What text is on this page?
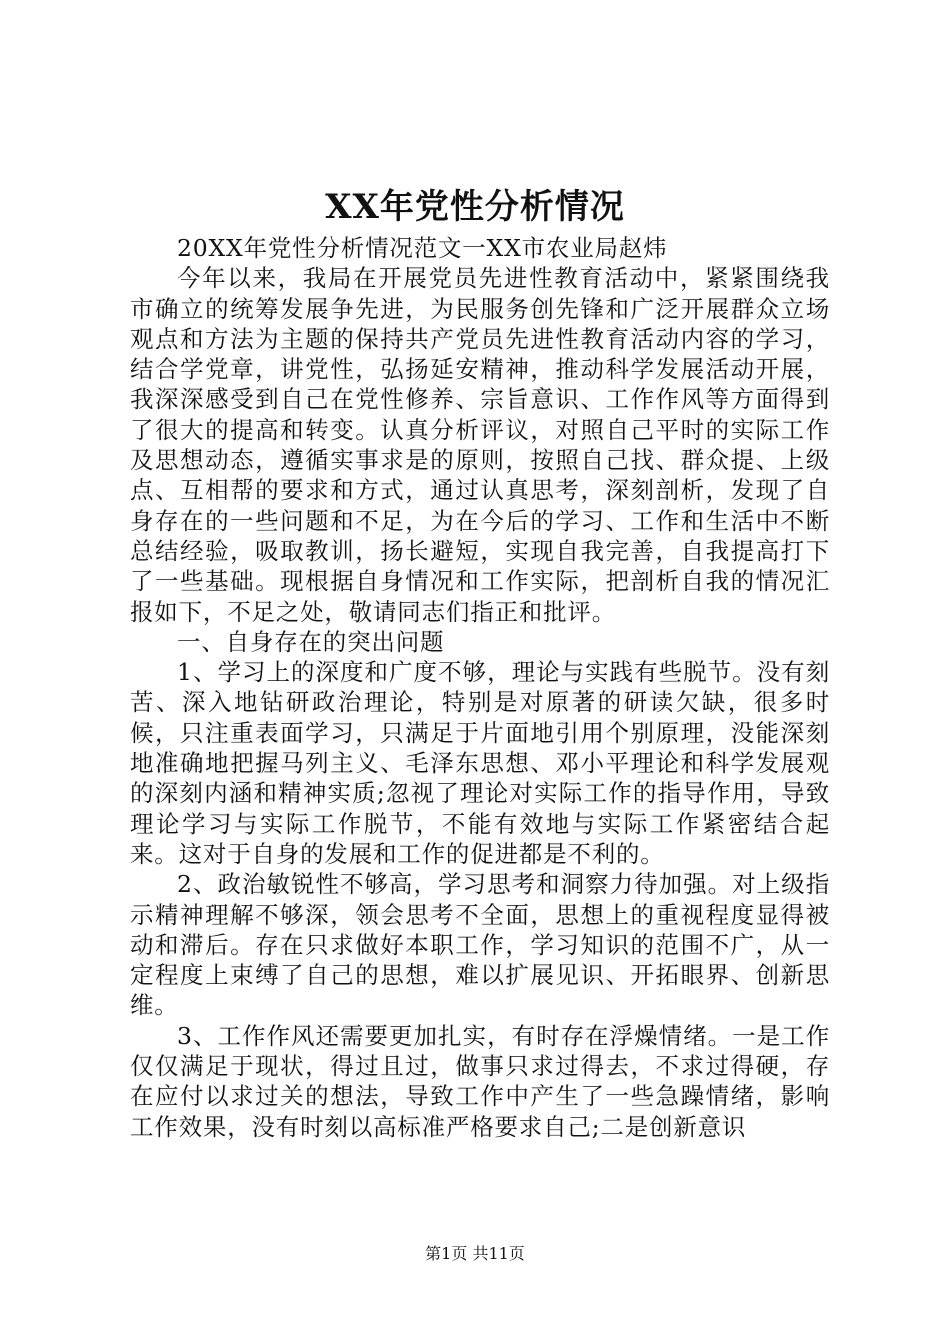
XX年党性分析情况

20XX年党性分析情况范文一XX市农业局赵炜

今年以来，我局在开展党员先进性教育活动中，紧紧围绕我市确立的统筹发展争先进，为民服务创先锋和广泛开展群众立场观点和方法为主题的保持共产党员先进性教育活动内容的学习，结合学党章，讲党性，弘扬延安精神，推动科学发展活动开展，我深深感受到自己在党性修养、宗旨意识、工作作风等方面得到了很大的提高和转变。认真分析评议，对照自己平时的实际工作及思想动态，遵循实事求是的原则，按照自己找、群众提、上级点、互相帮的要求和方式，通过认真思考，深刻剖析，发现了自身存在的一些问题和不足，为在今后的学习、工作和生活中不断总结经验，吸取教训，扬长避短，实现自我完善，自我提高打下了一些基础。现根据自身情况和工作实际，把剖析自我的情况汇报如下，不足之处，敬请同志们指正和批评。

一、自身存在的突出问题

1、学习上的深度和广度不够，理论与实践有些脱节。没有刻苦、深入地钻研政治理论，特别是对原著的研读欠缺，很多时候，只注重表面学习，只满足于片面地引用个别原理，没能深刻地准确地把握马列主义、毛泽东思想、邓小平理论和科学发展观的深刻内涵和精神实质;忽视了理论对实际工作的指导作用，导致理论学习与实际工作脱节，不能有效地与实际工作紧密结合起来。这对于自身的发展和工作的促进都是不利的。

2、政治敏锐性不够高，学习思考和洞察力待加强。对上级指示精神理解不够深，领会思考不全面，思想上的重视程度显得被动和滞后。存在只求做好本职工作，学习知识的范围不广，从一定程度上束缚了自己的思想，难以扩展见识、开拓眼界、创新思维。

3、工作作风还需要更加扎实，有时存在浮燥情绪。一是工作仅仅满足于现状，得过且过，做事只求过得去，不求过得硬，存在应付以求过关的想法，导致工作中产生了一些急躁情绪，影响工作效果，没有时刻以高标准严格要求自己;二是创新意识

第1页 共11页
